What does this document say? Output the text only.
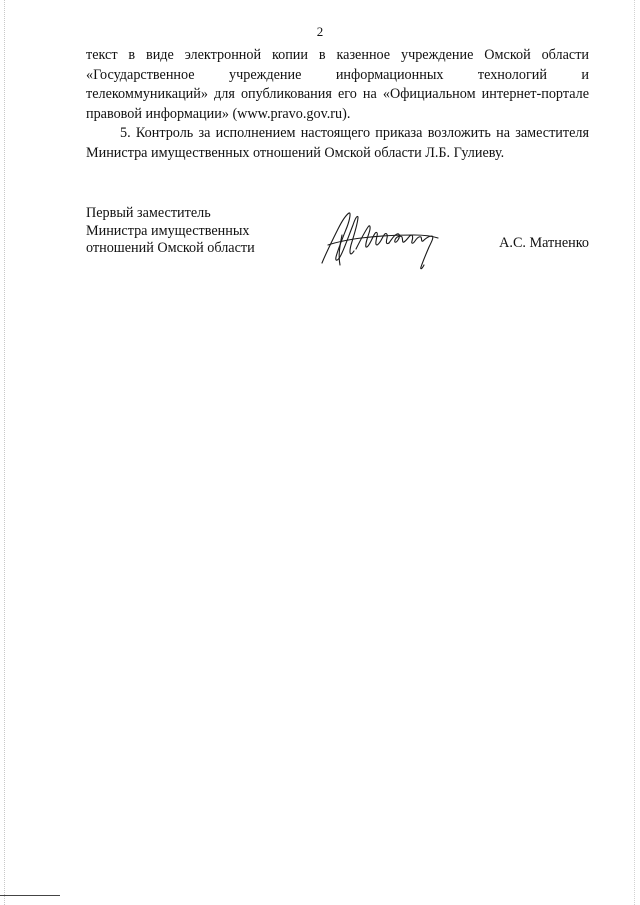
2

текст в виде электронной копии в казенное учреждение Омской области «Государственное учреждение информационных технологий и телекоммуникаций» для опубликования его на «Официальном интернет-портале правовой информации» (www.pravo.gov.ru).

5. Контроль за исполнением настоящего приказа возложить на заместителя Министра имущественных отношений Омской области Л.Б. Гулиеву.

Первый заместитель
Министра имущественных
отношений Омской области	А.С. Матненко
